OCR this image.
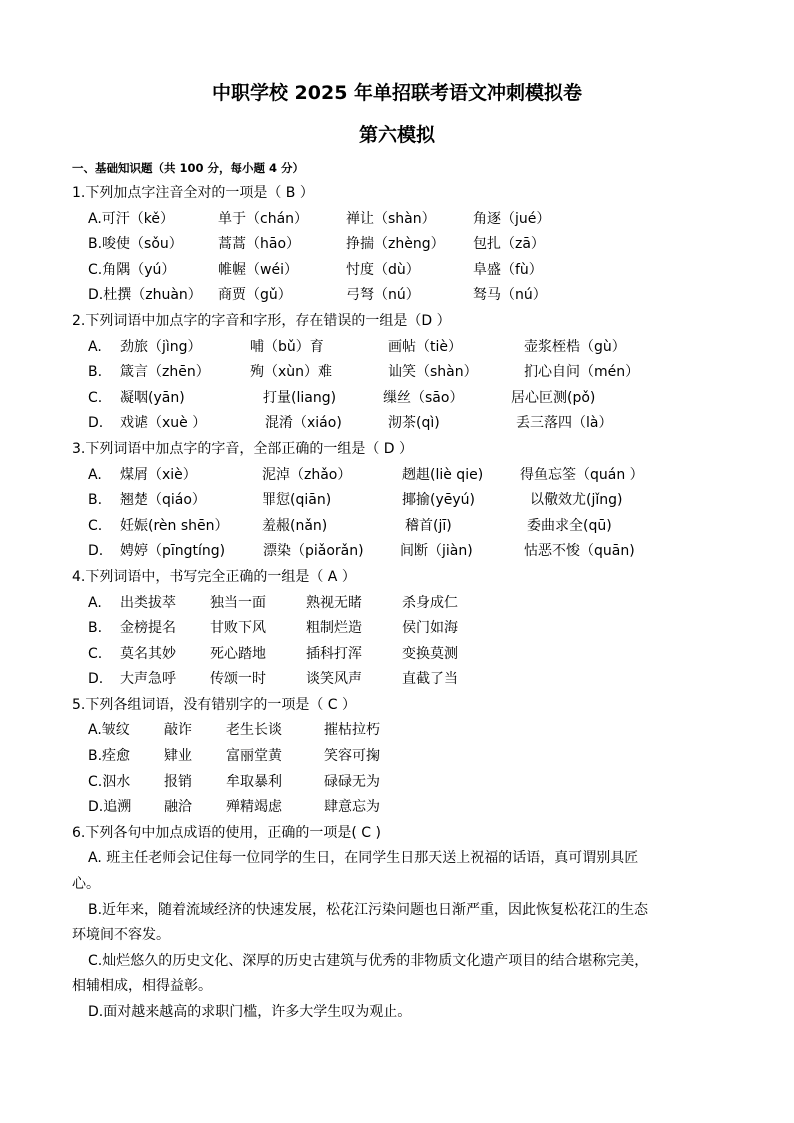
中职学校 2025 年单招联考语文冲刺模拟卷
第六模拟
一、基础知识题（共 100 分，每小题 4 分）
1.下列加点字注音全对的一项是（ B ）
A.可汗（kě）	单于（chán）	禅让（shàn）	角逐（jué）
B.唆使（sǒu）	蒿蒿（hāo）	挣揣（zhèng）	包扎（zā）
C.角隅（yú）	帷幄（wéi）	忖度（dù）	阜盛（fù）
D.杜撰（zhuàn）	商贾（gǔ）	弓弩（nú）	驽马（nú）
2.下列词语中加点字的字音和字形，存在错误的一组是（D ）
A.	劲旅（jìng）	哺（bǔ）育	画帖（tiè）	壶浆桎梏（gù）
B.	箴言（zhēn）	殉（xùn）难	讪笑（shàn）	扪心自问（mén）
C.	凝咽(yān)	打量(liang)	缫丝（sāo）	居心叵测(pǒ)
D.	戏谑（xuè ）	混淆（xiáo)	沏茶(qì)	丢三落四（là）
3.下列词语中加点字的字音，全部正确的一组是（ D ）
A.	煤屑（xiè）	泥淖（zhǎo）	趔趄(liè qie)	得鱼忘筌（quán ）
B.	翘楚（qiáo）	罪愆(qiān)	揶揄(yēyú)	以儆效尤(jǐng)
C.	妊娠(rèn shēn）	羞赧(nǎn)	稽首(jī)	委曲求全(qū)
D.	娉婷（pīngtíng)	漂染（piǎorǎn)	间断（jiàn)	怙恶不悛（quān)
4.下列词语中，书写完全正确的一组是（ A ）
A.	出类拔萃	独当一面	熟视无睹	杀身成仁
B.	金榜提名	甘败下风	粗制烂造	侯门如海
C.	莫名其妙	死心踏地	插科打浑	变换莫测
D.	大声急呼	传颂一时	谈笑风声	直截了当
5.下列各组词语，没有错别字的一项是（ C ）
A.皱纹	敲诈	老生长谈	摧枯拉朽
B.痊愈	肄业	富丽堂黄	笑容可掬
C.泅水	报销	牟取暴利	碌碌无为
D.追溯	融洽	殚精竭虑	肆意忘为
6.下列各句中加点成语的使用，正确的一项是( C )
A. 班主任老师会记住每一位同学的生日，在同学生日那天送上祝福的话语，真可谓别具匠
心。
B.近年来，随着流域经济的快速发展，松花江污染问题也日渐严重，因此恢复松花江的生态
环境间不容发。
C.灿烂悠久的历史文化、深厚的历史古建筑与优秀的非物质文化遗产项目的结合堪称完美，
相辅相成，相得益彰。
D.面对越来越高的求职门槛，许多大学生叹为观止。
